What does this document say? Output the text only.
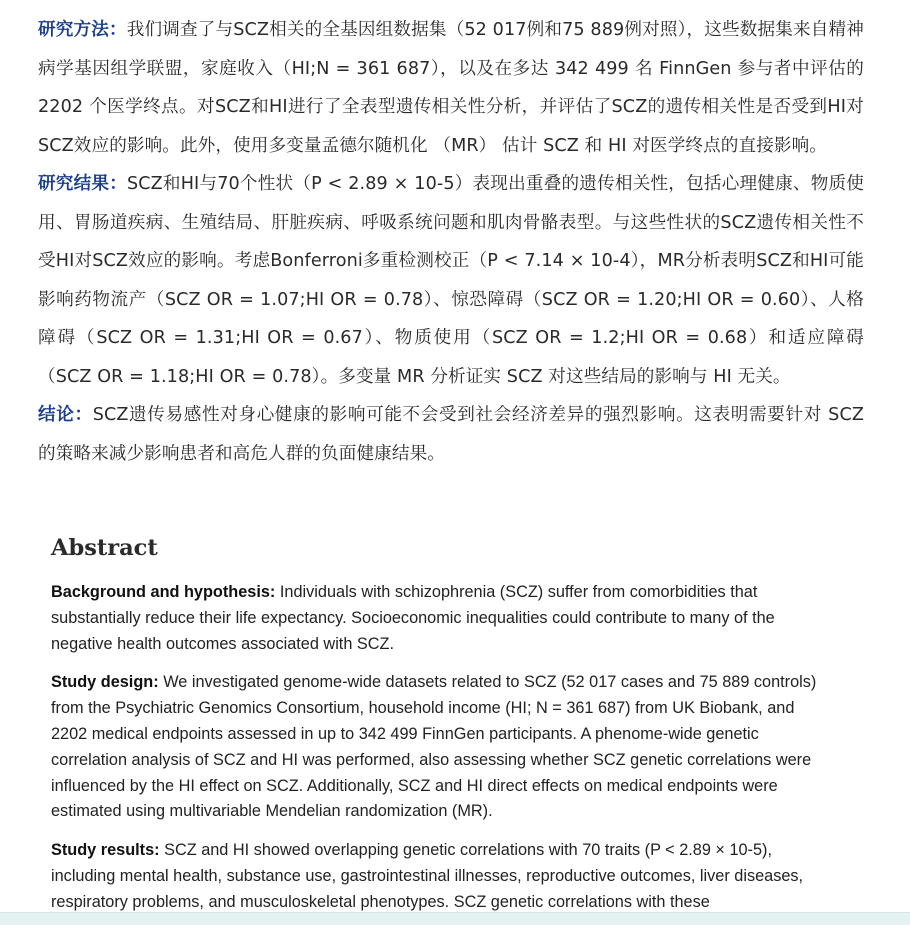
研究方法：我们调查了与SCZ相关的全基因组数据集（52 017例和75 889例对照），这些数据集来自精神病学基因组学联盟，家庭收入（HI;N = 361 687），以及在多达 342 499 名 FinnGen 参与者中评估的 2202 个医学终点。对SCZ和HI进行了全表型遗传相关性分析，并评估了SCZ的遗传相关性是否受到HI对SCZ效应的影响。此外，使用多变量孟德尔随机化 （MR） 估计 SCZ 和 HI 对医学终点的直接影响。

研究结果：SCZ和HI与70个性状（P < 2.89 × 10-5）表现出重叠的遗传相关性，包括心理健康、物质使用、胃肠道疾病、生殖结局、肝脏疾病、呼吸系统问题和肌肉骨骼表型。与这些性状的SCZ遗传相关性不受HI对SCZ效应的影响。考虑Bonferroni多重检测校正（P < 7.14 × 10-4），MR分析表明SCZ和HI可能影响药物流产（SCZ OR = 1.07;HI OR = 0.78）、惊恐障碍（SCZ OR = 1.20;HI OR = 0.60）、人格障碍（SCZ OR = 1.31;HI OR = 0.67）、物质使用（SCZ OR = 1.2;HI OR = 0.68）和适应障碍（SCZ OR = 1.18;HI OR = 0.78）。多变量 MR 分析证实 SCZ 对这些结局的影响与 HI 无关。

结论：SCZ遗传易感性对身心健康的影响可能不会受到社会经济差异的强烈影响。这表明需要针对 SCZ 的策略来减少影响患者和高危人群的负面健康结果。

Abstract

Background and hypothesis: Individuals with schizophrenia (SCZ) suffer from comorbidities that substantially reduce their life expectancy. Socioeconomic inequalities could contribute to many of the negative health outcomes associated with SCZ.

Study design: We investigated genome-wide datasets related to SCZ (52 017 cases and 75 889 controls) from the Psychiatric Genomics Consortium, household income (HI; N = 361 687) from UK Biobank, and 2202 medical endpoints assessed in up to 342 499 FinnGen participants. A phenome-wide genetic correlation analysis of SCZ and HI was performed, also assessing whether SCZ genetic correlations were influenced by the HI effect on SCZ. Additionally, SCZ and HI direct effects on medical endpoints were estimated using multivariable Mendelian randomization (MR).

Study results: SCZ and HI showed overlapping genetic correlations with 70 traits (P < 2.89 × 10-5), including mental health, substance use, gastrointestinal illnesses, reproductive outcomes, liver diseases, respiratory problems, and musculoskeletal phenotypes. SCZ genetic correlations with these
